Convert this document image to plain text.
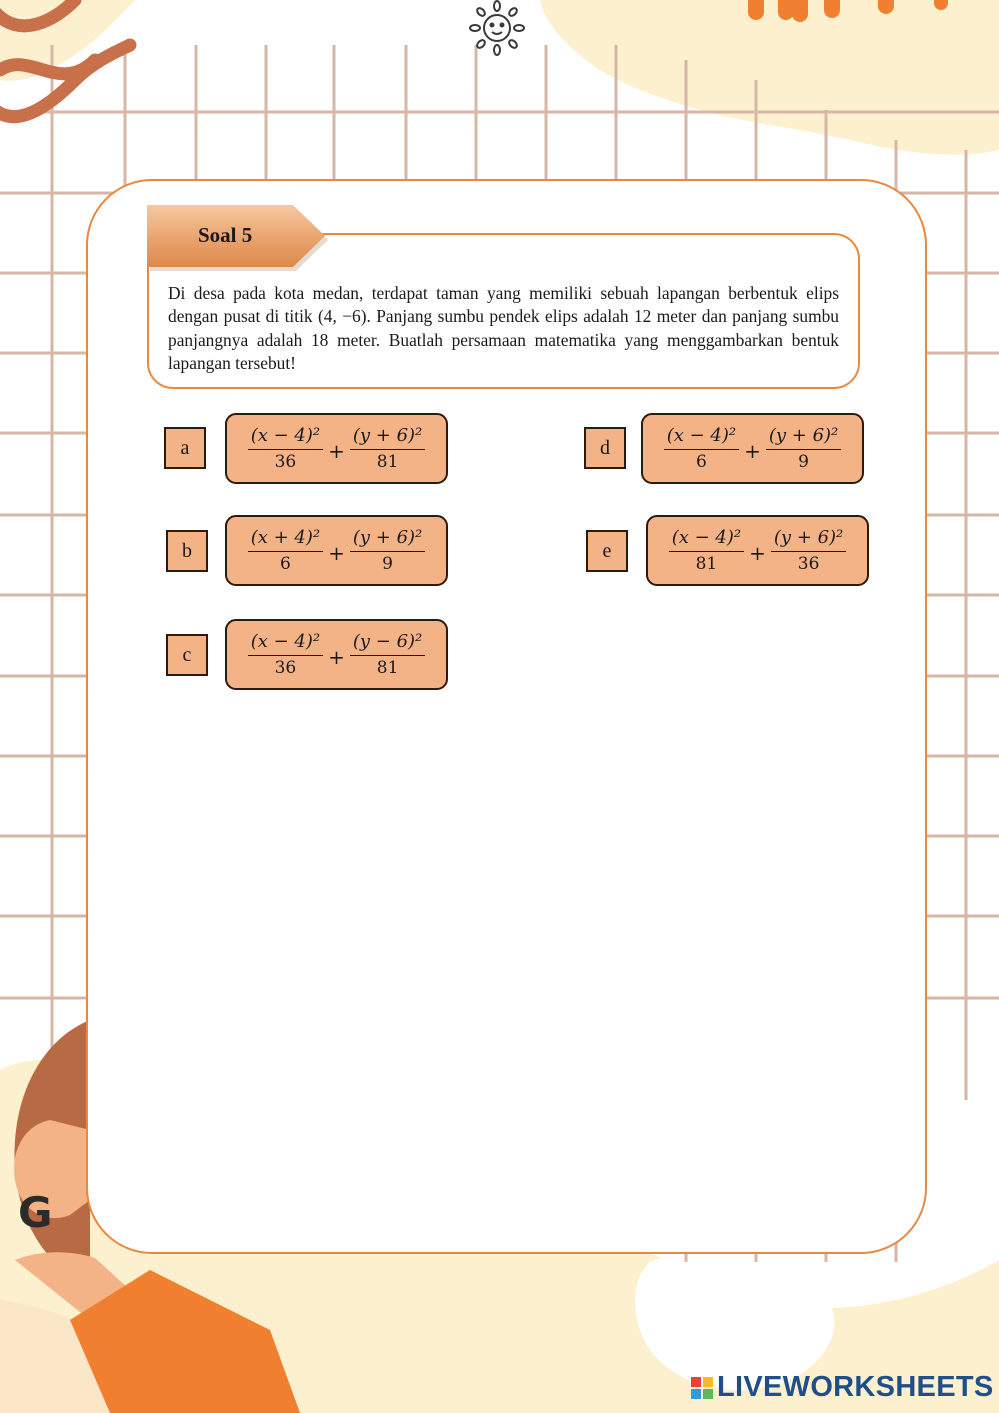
G
Soal 5
Di desa pada kota medan, terdapat taman yang memiliki sebuah lapangan berbentuk elips dengan pusat di titik (4, −6). Panjang sumbu pendek elips adalah 12 meter dan panjang sumbu panjangnya adalah 18 meter. Buatlah persamaan matematika yang menggambarkan bentuk lapangan tersebut!
a	$\frac{\text{(x − 4)²}}{36} + \frac{\text{(y + 6)²}}{81}$
b	$\frac{\text{(x + 4)²}}{6} + \frac{\text{(y + 6)²}}{9}$
c	$\frac{\text{(x − 4)²}}{36} + \frac{\text{(y − 6)²}}{81}$
d	$\frac{\text{(x − 4)²}}{6} + \frac{\text{(y + 6)²}}{9}$
e	$\frac{\text{(x − 4)²}}{81} + \frac{\text{(y + 6)²}}{36}$
LIVEWORKSHEETS
